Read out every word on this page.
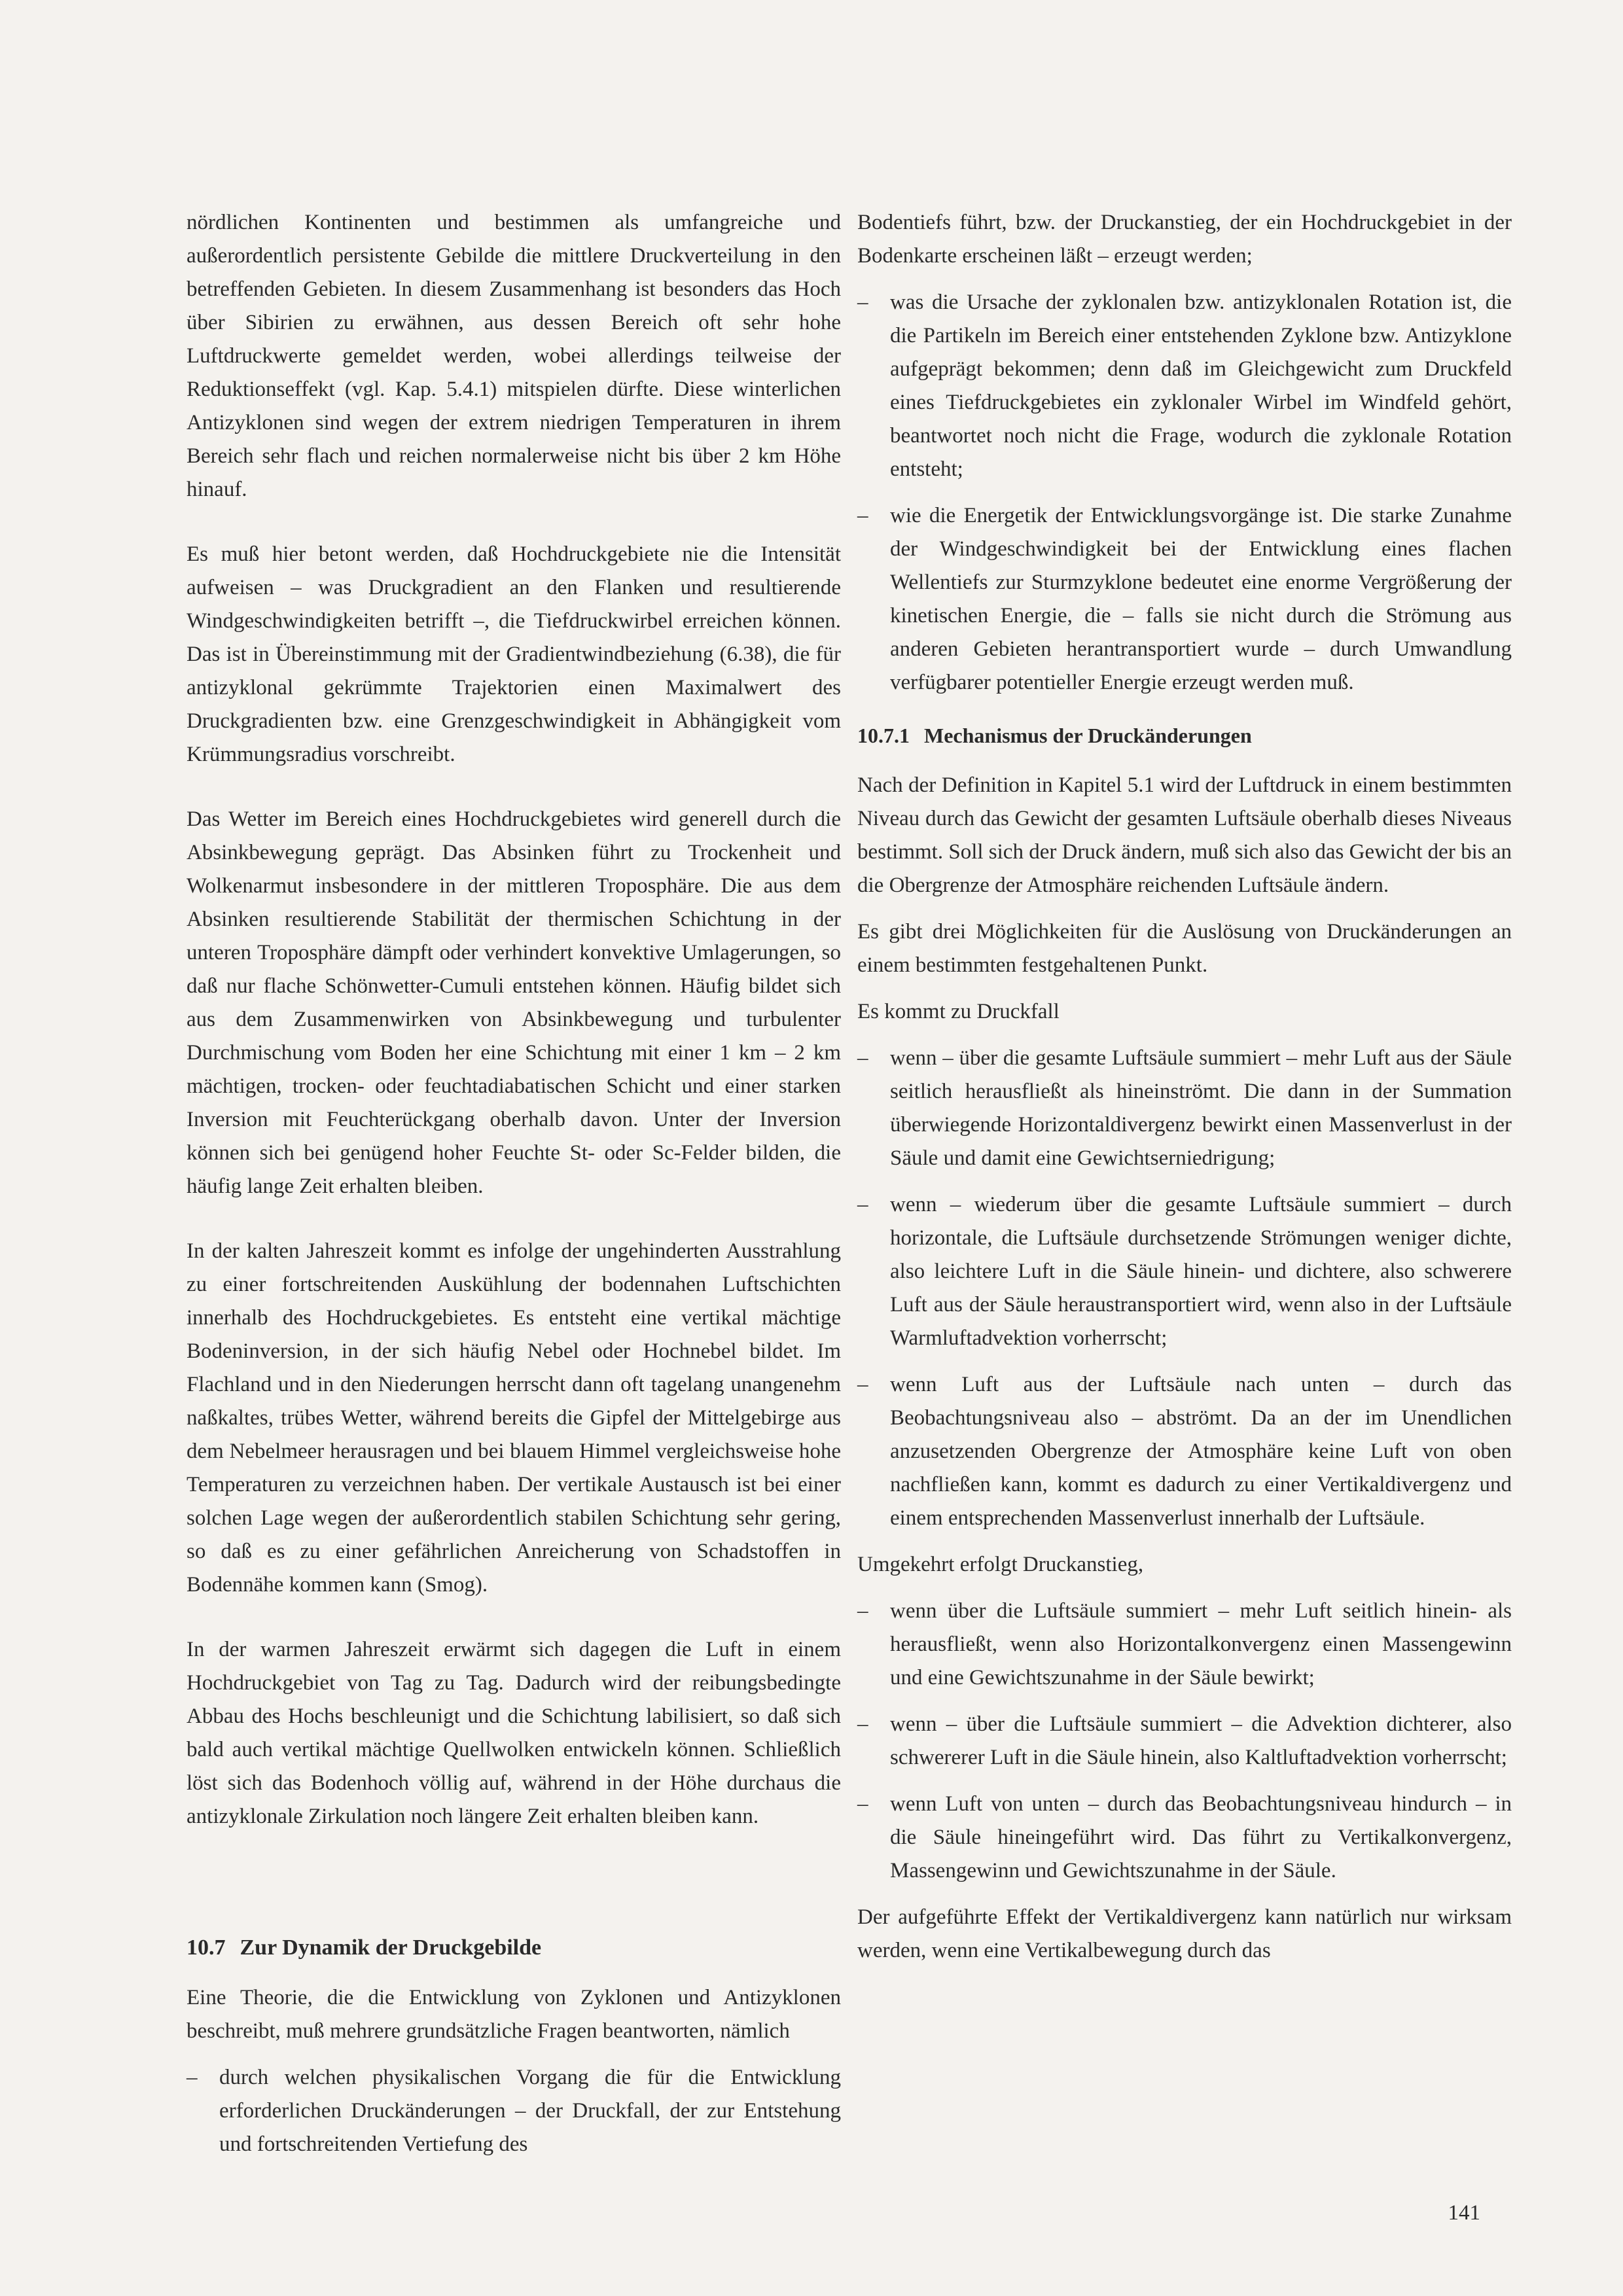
nördlichen Kontinenten und bestimmen als umfangreiche und außerordentlich persistente Gebilde die mittlere Druckverteilung in den betreffenden Gebieten. In diesem Zusammenhang ist besonders das Hoch über Sibirien zu erwähnen, aus dessen Bereich oft sehr hohe Luftdruckwerte gemeldet werden, wobei allerdings teilweise der Reduktionseffekt (vgl. Kap. 5.4.1) mitspielen dürfte. Diese winterlichen Antizyklonen sind wegen der extrem niedrigen Temperaturen in ihrem Bereich sehr flach und reichen normalerweise nicht bis über 2 km Höhe hinauf.

Es muß hier betont werden, daß Hochdruckgebiete nie die Intensität aufweisen – was Druckgradient an den Flanken und resultierende Windgeschwindigkeiten betrifft –, die Tiefdruckwirbel erreichen können. Das ist in Übereinstimmung mit der Gradientwindbeziehung (6.38), die für antizyklonal gekrümmte Trajektorien einen Maximalwert des Druckgradienten bzw. eine Grenzgeschwindigkeit in Abhängigkeit vom Krümmungsradius vorschreibt.

Das Wetter im Bereich eines Hochdruckgebietes wird generell durch die Absinkbewegung geprägt. Das Absinken führt zu Trockenheit und Wolkenarmut insbesondere in der mittleren Troposphäre. Die aus dem Absinken resultierende Stabilität der thermischen Schichtung in der unteren Troposphäre dämpft oder verhindert konvektive Umlagerungen, so daß nur flache Schönwetter-Cumuli entstehen können. Häufig bildet sich aus dem Zusammenwirken von Absinkbewegung und turbulenter Durchmischung vom Boden her eine Schichtung mit einer 1 km – 2 km mächtigen, trocken- oder feuchtadiabatischen Schicht und einer starken Inversion mit Feuchterückgang oberhalb davon. Unter der Inversion können sich bei genügend hoher Feuchte St- oder Sc-Felder bilden, die häufig lange Zeit erhalten bleiben.

In der kalten Jahreszeit kommt es infolge der ungehinderten Ausstrahlung zu einer fortschreitenden Auskühlung der bodennahen Luftschichten innerhalb des Hochdruckgebietes. Es entsteht eine vertikal mächtige Bodeninversion, in der sich häufig Nebel oder Hochnebel bildet. Im Flachland und in den Niederungen herrscht dann oft tagelang unangenehm naßkaltes, trübes Wetter, während bereits die Gipfel der Mittelgebirge aus dem Nebelmeer herausragen und bei blauem Himmel vergleichsweise hohe Temperaturen zu verzeichnen haben. Der vertikale Austausch ist bei einer solchen Lage wegen der außerordentlich stabilen Schichtung sehr gering, so daß es zu einer gefährlichen Anreicherung von Schadstoffen in Bodennähe kommen kann (Smog).

In der warmen Jahreszeit erwärmt sich dagegen die Luft in einem Hochdruckgebiet von Tag zu Tag. Dadurch wird der reibungsbedingte Abbau des Hochs beschleunigt und die Schichtung labilisiert, so daß sich bald auch vertikal mächtige Quellwolken entwickeln können. Schließlich löst sich das Bodenhoch völlig auf, während in der Höhe durchaus die antizyklonale Zirkulation noch längere Zeit erhalten bleiben kann.

10.7 Zur Dynamik der Druckgebilde

Eine Theorie, die die Entwicklung von Zyklonen und Antizyklonen beschreibt, muß mehrere grundsätzliche Fragen beantworten, nämlich

– durch welchen physikalischen Vorgang die für die Entwicklung erforderlichen Druckänderungen – der Druckfall, der zur Entstehung und fortschreitenden Vertiefung des
Bodentiefs führt, bzw. der Druckanstieg, der ein Hochdruckgebiet in der Bodenkarte erscheinen läßt – erzeugt werden;
– was die Ursache der zyklonalen bzw. antizyklonalen Rotation ist, die die Partikeln im Bereich einer entstehenden Zyklone bzw. Antizyklone aufgeprägt bekommen; denn daß im Gleichgewicht zum Druckfeld eines Tiefdruckgebietes ein zyklonaler Wirbel im Windfeld gehört, beantwortet noch nicht die Frage, wodurch die zyklonale Rotation entsteht;
– wie die Energetik der Entwicklungsvorgänge ist. Die starke Zunahme der Windgeschwindigkeit bei der Entwicklung eines flachen Wellentiefs zur Sturmzyklone bedeutet eine enorme Vergrößerung der kinetischen Energie, die – falls sie nicht durch die Strömung aus anderen Gebieten herantransportiert wurde – durch Umwandlung verfügbarer potentieller Energie erzeugt werden muß.
10.7.1 Mechanismus der Druckänderungen

Nach der Definition in Kapitel 5.1 wird der Luftdruck in einem bestimmten Niveau durch das Gewicht der gesamten Luftsäule oberhalb dieses Niveaus bestimmt. Soll sich der Druck ändern, muß sich also das Gewicht der bis an die Obergrenze der Atmosphäre reichenden Luftsäule ändern.

Es gibt drei Möglichkeiten für die Auslösung von Druckänderungen an einem bestimmten festgehaltenen Punkt.

Es kommt zu Druckfall

– wenn – über die gesamte Luftsäule summiert – mehr Luft aus der Säule seitlich herausfließt als hineinströmt. Die dann in der Summation überwiegende Horizontaldivergenz bewirkt einen Massenverlust in der Säule und damit eine Gewichtserniedrigung;
– wenn – wiederum über die gesamte Luftsäule summiert – durch horizontale, die Luftsäule durchsetzende Strömungen weniger dichte, also leichtere Luft in die Säule hinein- und dichtere, also schwerere Luft aus der Säule heraustransportiert wird, wenn also in der Luftsäule Warmluftadvektion vorherrscht;
– wenn Luft aus der Luftsäule nach unten – durch das Beobachtungsniveau also – abströmt. Da an der im Unendlichen anzusetzenden Obergrenze der Atmosphäre keine Luft von oben nachfließen kann, kommt es dadurch zu einer Vertikaldivergenz und einem entsprechenden Massenverlust innerhalb der Luftsäule.

Umgekehrt erfolgt Druckanstieg,

– wenn über die Luftsäule summiert – mehr Luft seitlich hinein- als herausfließt, wenn also Horizontalkonvergenz einen Massengewinn und eine Gewichtszunahme in der Säule bewirkt;
– wenn – über die Luftsäule summiert – die Advektion dichterer, also schwererer Luft in die Säule hinein, also Kaltluftadvektion vorherrscht;
– wenn Luft von unten – durch das Beobachtungsniveau hindurch – in die Säule hineingeführt wird. Das führt zu Vertikalkonvergenz, Massengewinn und Gewichtszunahme in der Säule.

Der aufgeführte Effekt der Vertikaldivergenz kann natürlich nur wirksam werden, wenn eine Vertikalbewegung durch das

141
